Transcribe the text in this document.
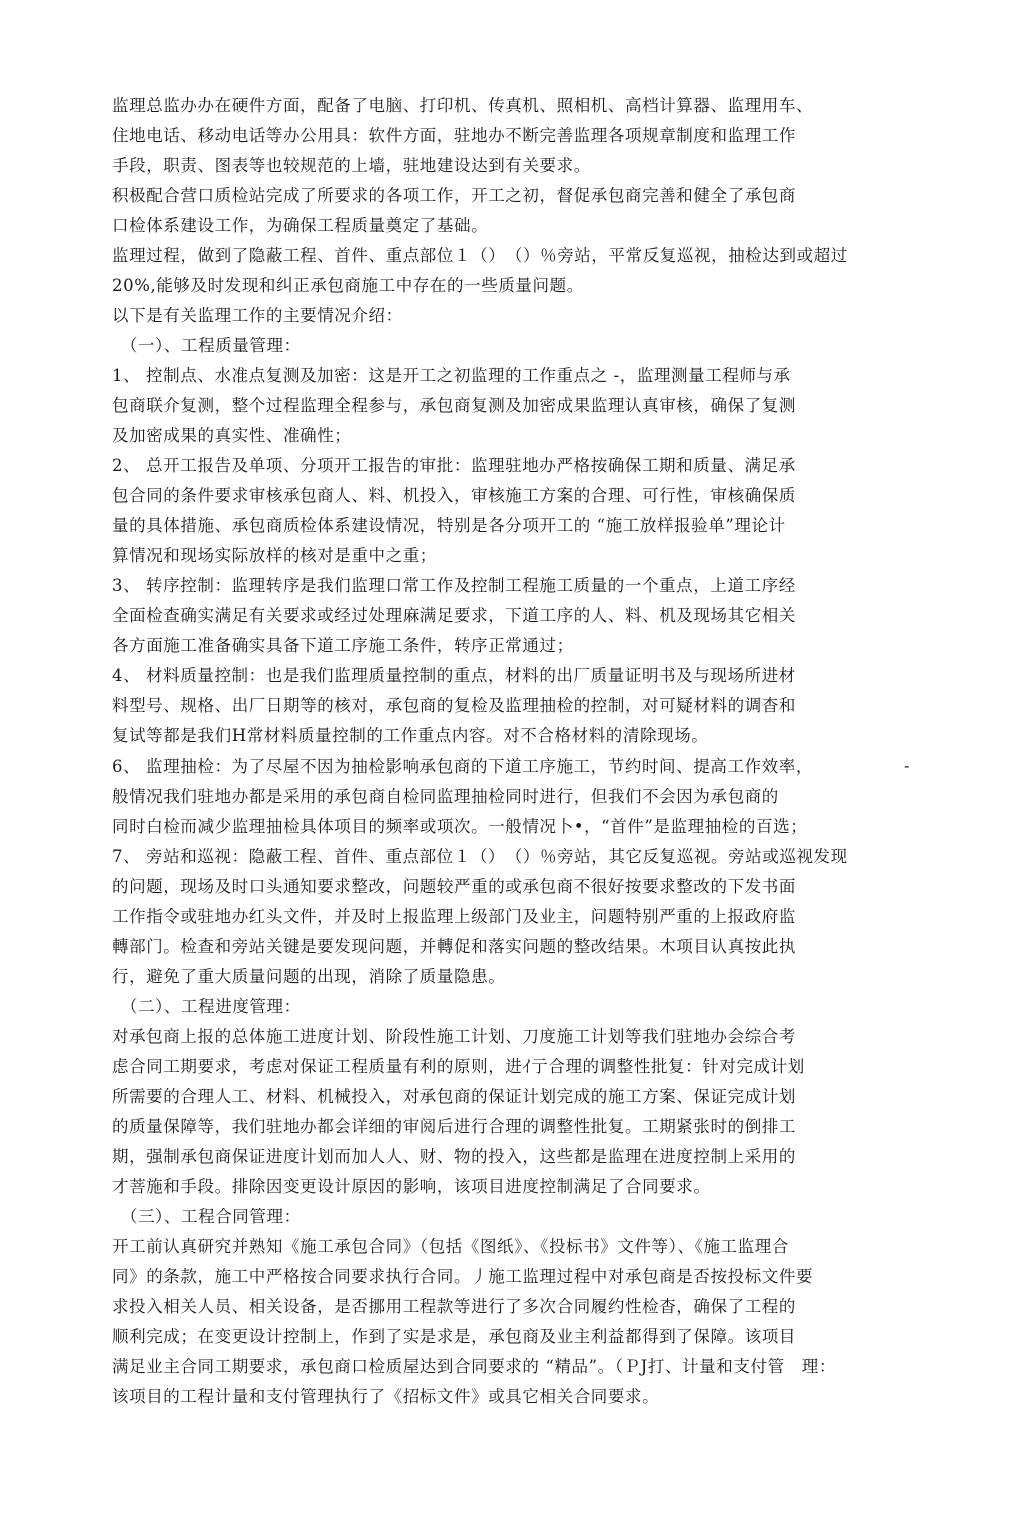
监理总监办办在硬件方面，配备了电脑、打印机、传真机、照相机、高档计算器、监理用车、
住地电话、移动电话等办公用具：软件方面，驻地办不断完善监理各项规章制度和监理工作
手段，职责、图表等也较规范的上墙，驻地建设达到有关要求。
积极配合营口质检站完成了所要求的各项工作，开工之初，督促承包商完善和健全了承包商
口检体系建设工作，为确保工程质量奠定了基础。
监理过程，做到了隐蔽工程、首件、重点部位１（）　（）％旁站，平常反复巡视，抽检达到或超过
20%,能够及时发现和纠正承包商施工中存在的一些质量问题。
以下是有关监理工作的主要情况介绍：
　（一）、工程质量管理：
1、 控制点、水准点复测及加密：这是开工之初监理的工作重点之 -，监理测量工程师与承
包商联介复测，整个过程监理全程参与，承包商复测及加密成果监理认真审核，确保了复测
及加密成果的真实性、准确性；
2、 总开工报告及单项、分项开工报告的审批：监理驻地办严格按确保工期和质量、满足承
包合同的条件要求审核承包商人、料、机投入，审核施工方案的合理、可行性，审核确保质
量的具体措施、承包商质检体系建设情况，特别是各分项开工的 “施工放样报验单”理论计
算情况和现场实际放样的核对是重中之重；
3、 转序控制：监理转序是我们监理口常工作及控制工程施工质量的一个重点，上道工序经
全面检查确实满足有关要求或经过处理麻满足要求，下道工序的人、料、机及现场其它相关
各方面施工准备确实具备下道工序施工条件，转序正常通过；
4、 材料质量控制：也是我们监理质量控制的重点，材料的出厂质量证明书及与现场所进材
料型号、规格、出厂日期等的核对，承包商的复检及监理抽检的控制，对可疑材料的调杳和
复试等都是我们H常材料质量控制的工作重点内容。对不合格材料的清除现场。
6、 监理抽检：为了尽屋不因为抽检影响承包商的下道工序施工，节约时间、提高工作效率，	-
般情况我们驻地办都是采用的承包商自检同监理抽检同时进行，但我们不会因为承包商的
同时白检而减少监理抽检具体项目的频率或项次。一般情况卜•，“首件”是监理抽检的百选；
7、 旁站和巡视：隐蔽工程、首件、重点部位１（）　（）％旁站，其它反复巡视。旁站或巡视发现
的问题，现场及时口头通知要求整改，问题较严重的或承包商不很好按要求整改的下发书面
工作指令或驻地办红头文件，并及时上报监理上级部门及业主，问题特别严重的上报政府监
轉部门。检查和旁站关键是要发现问题，并轉促和落实问题的整改结果。木项目认真按此执
行，避免了重大质量问题的出现，消除了质量隐患。
　（二）、工程进度管理：
对承包商上报的总体施工进度计划、阶段性施工计划、刀度施工计划等我们驻地办会综合考
虑合同工期要求，考虑对保证工程质量有利的原则，进ｲ亍合理的调整性批复：针对完成计划
所需要的合理人工、材料、机械投入，对承包商的保证计划完成的施工方案、保证完成计划
的质量保障等，我们驻地办都会详细的审阅后进行合理的调整性批复。工期紧张时的倒排工
期，强制承包商保证进度计划而加人人、财、物的投入，这些都是监理在进度控制上采用的
才菩施和手段。排除因变更设计原因的影响，该项目进度控制满足了合同要求。
　（三）、工程合同管理：
开工前认真研究并熟知《施工承包合同》（包括《图纸》、《投标书》文件等）、《施工监理合
同》的条款，施工中严格按合同要求执行合同。丿施工监理过程中对承包商是否按投标文件要
求投入相关人员、相关设备，是否挪用工程款等进行了多次合同履约性检杳，确保了工程的
顺利完成；在变更设计控制上，作到了实是求是，承包商及业主利益都得到了保障。该项目
满足业主合同工期要求，承包商口检质屋达到合同要求的 “精品”。（ＰJ打、计量和支付管　理：
该项目的工程计量和支付管理执行了《招标文件》或具它相关合同要求。
